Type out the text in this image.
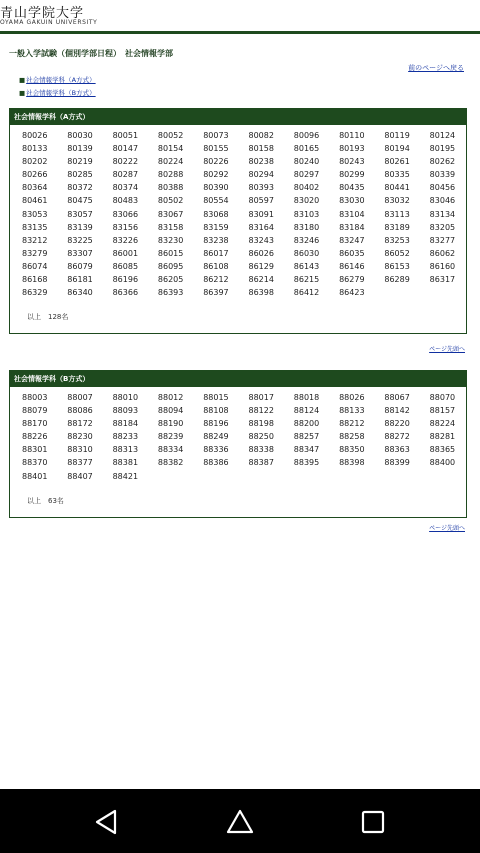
青山学院大学
OYAMA GAKUIN UNIVERSITY
一般入学試験（個別学部日程）　社会情報学部
前のページへ戻る
■社会情報学科（A方式）
■社会情報学科（B方式）
社会情報学科（A方式）
80026	80030	80051	80052	80073	80082	80096	80110	80119	80124
80133	80139	80147	80154	80155	80158	80165	80193	80194	80195
80202	80219	80222	80224	80226	80238	80240	80243	80261	80262
80266	80285	80287	80288	80292	80294	80297	80299	80335	80339
80364	80372	80374	80388	80390	80393	80402	80435	80441	80456
80461	80475	80483	80502	80554	80597	83020	83030	83032	83046
83053	83057	83066	83067	83068	83091	83103	83104	83113	83134
83135	83139	83156	83158	83159	83164	83180	83184	83189	83205
83212	83225	83226	83230	83238	83243	83246	83247	83253	83277
83279	83307	86001	86015	86017	86026	86030	86035	86052	86062
86074	86079	86085	86095	86108	86129	86143	86146	86153	86160
86168	86181	86196	86205	86212	86214	86215	86279	86289	86317
86329	86340	86366	86393	86397	86398	86412	86423
以上　128名
ページ先頭へ
社会情報学科（B方式）
88003	88007	88010	88012	88015	88017	88018	88026	88067	88070
88079	88086	88093	88094	88108	88122	88124	88133	88142	88157
88170	88172	88184	88190	88196	88198	88200	88212	88220	88224
88226	88230	88233	88239	88249	88250	88257	88258	88272	88281
88301	88310	88313	88334	88336	88338	88347	88350	88363	88365
88370	88377	88381	88382	88386	88387	88395	88398	88399	88400
88401	88407	88421
以上　63名
ページ先頭へ
